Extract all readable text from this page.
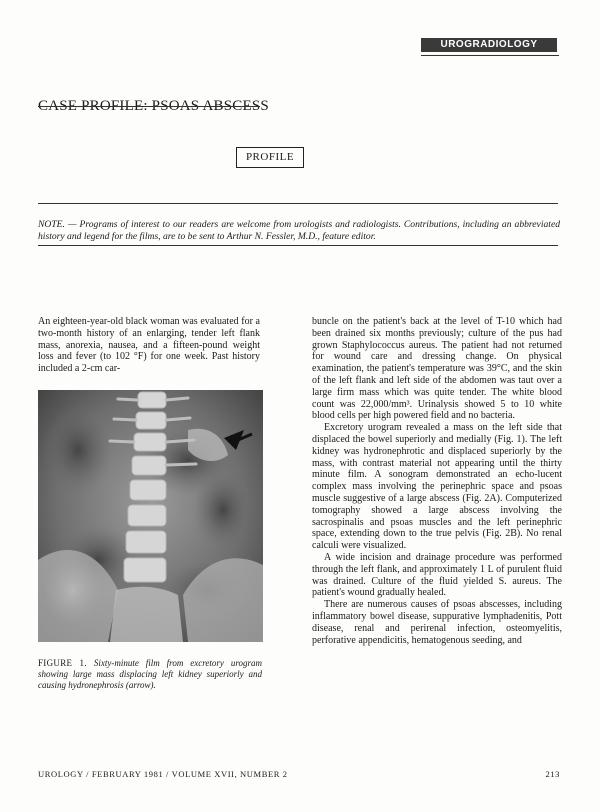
UROGRADIOLOGY
CASE PROFILE: PSOAS ABSCESS
PROFILE

NOTE. — Programs of interest to our readers are welcome from urologists and radiologists. Contributions, including an abbreviated history and legend for the films, are to be sent to Arthur N. Fessler, M.D., feature editor.

An eighteen-year-old black woman was evaluated for a two-month history of an enlarging, tender left flank mass, anorexia, nausea, and a fifteen-pound weight loss and fever (to 102 °F) for one week. Past history included a 2-cm car-

FIGURE 1. Sixty-minute film from excretory urogram showing large mass displacing left kidney superiorly and causing hydronephrosis (arrow).

buncle on the patient's back at the level of T-10 which had been drained six months previously; culture of the pus had grown Staphylococcus aureus. The patient had not returned for wound care and dressing change. On physical examination, the patient's temperature was 39°C, and the skin of the left flank and left side of the abdomen was taut over a large firm mass which was quite tender. The white blood count was 22,000/mm³. Urinalysis showed 5 to 10 white blood cells per high powered field and no bacteria.

Excretory urogram revealed a mass on the left side that displaced the bowel superiorly and medially (Fig. 1). The left kidney was hydronephrotic and displaced superiorly by the mass, with contrast material not appearing until the thirty minute film. A sonogram demonstrated an echo-lucent complex mass involving the perinephric space and psoas muscle suggestive of a large abscess (Fig. 2A). Computerized tomography showed a large abscess involving the sacrospinalis and psoas muscles and the left perinephric space, extending down to the true pelvis (Fig. 2B). No renal calculi were visualized.

A wide incision and drainage procedure was performed through the left flank, and approximately 1 L of purulent fluid was drained. Culture of the fluid yielded S. aureus. The patient's wound gradually healed.

There are numerous causes of psoas abscesses, including inflammatory bowel disease, suppurative lymphadenitis, Pott disease, renal and perirenal infection, osteomyelitis, perforative appendicitis, hematogenous seeding, and

UROLOGY / FEBRUARY 1981 / VOLUME XVII, NUMBER 2	213
